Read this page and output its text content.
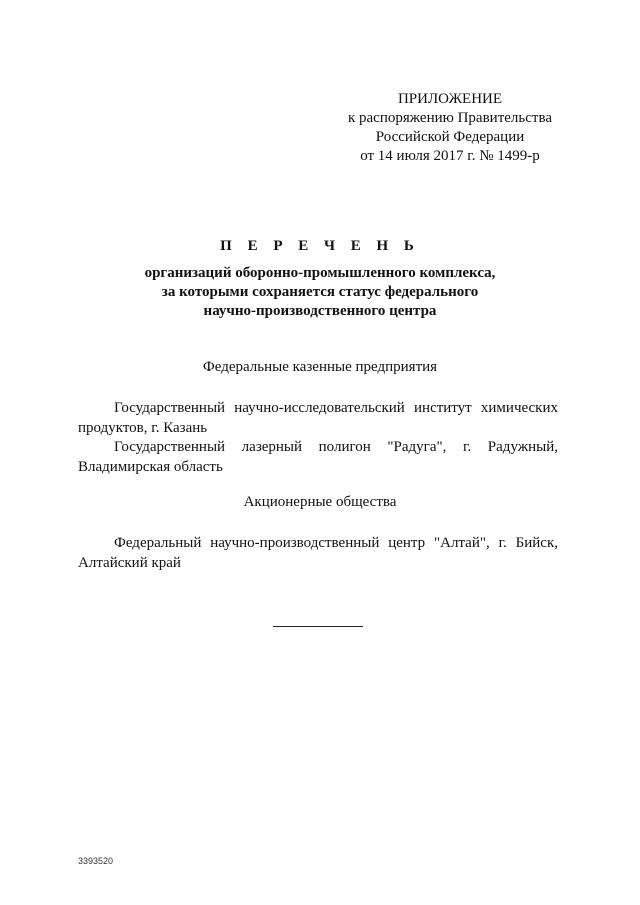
ПРИЛОЖЕНИЕ
к распоряжению Правительства
Российской Федерации
от 14 июля 2017 г. № 1499-р
П Е Р Е Ч Е Н Ь
организаций оборонно-промышленного комплекса,
за которыми сохраняется статус федерального
научно-производственного центра
Федеральные казенные предприятия
Государственный научно-исследовательский институт химических продуктов, г. Казань
Государственный лазерный полигон "Радуга", г. Радужный, Владимирская область
Акционерные общества
Федеральный научно-производственный центр "Алтай", г. Бийск, Алтайский край
3393520
